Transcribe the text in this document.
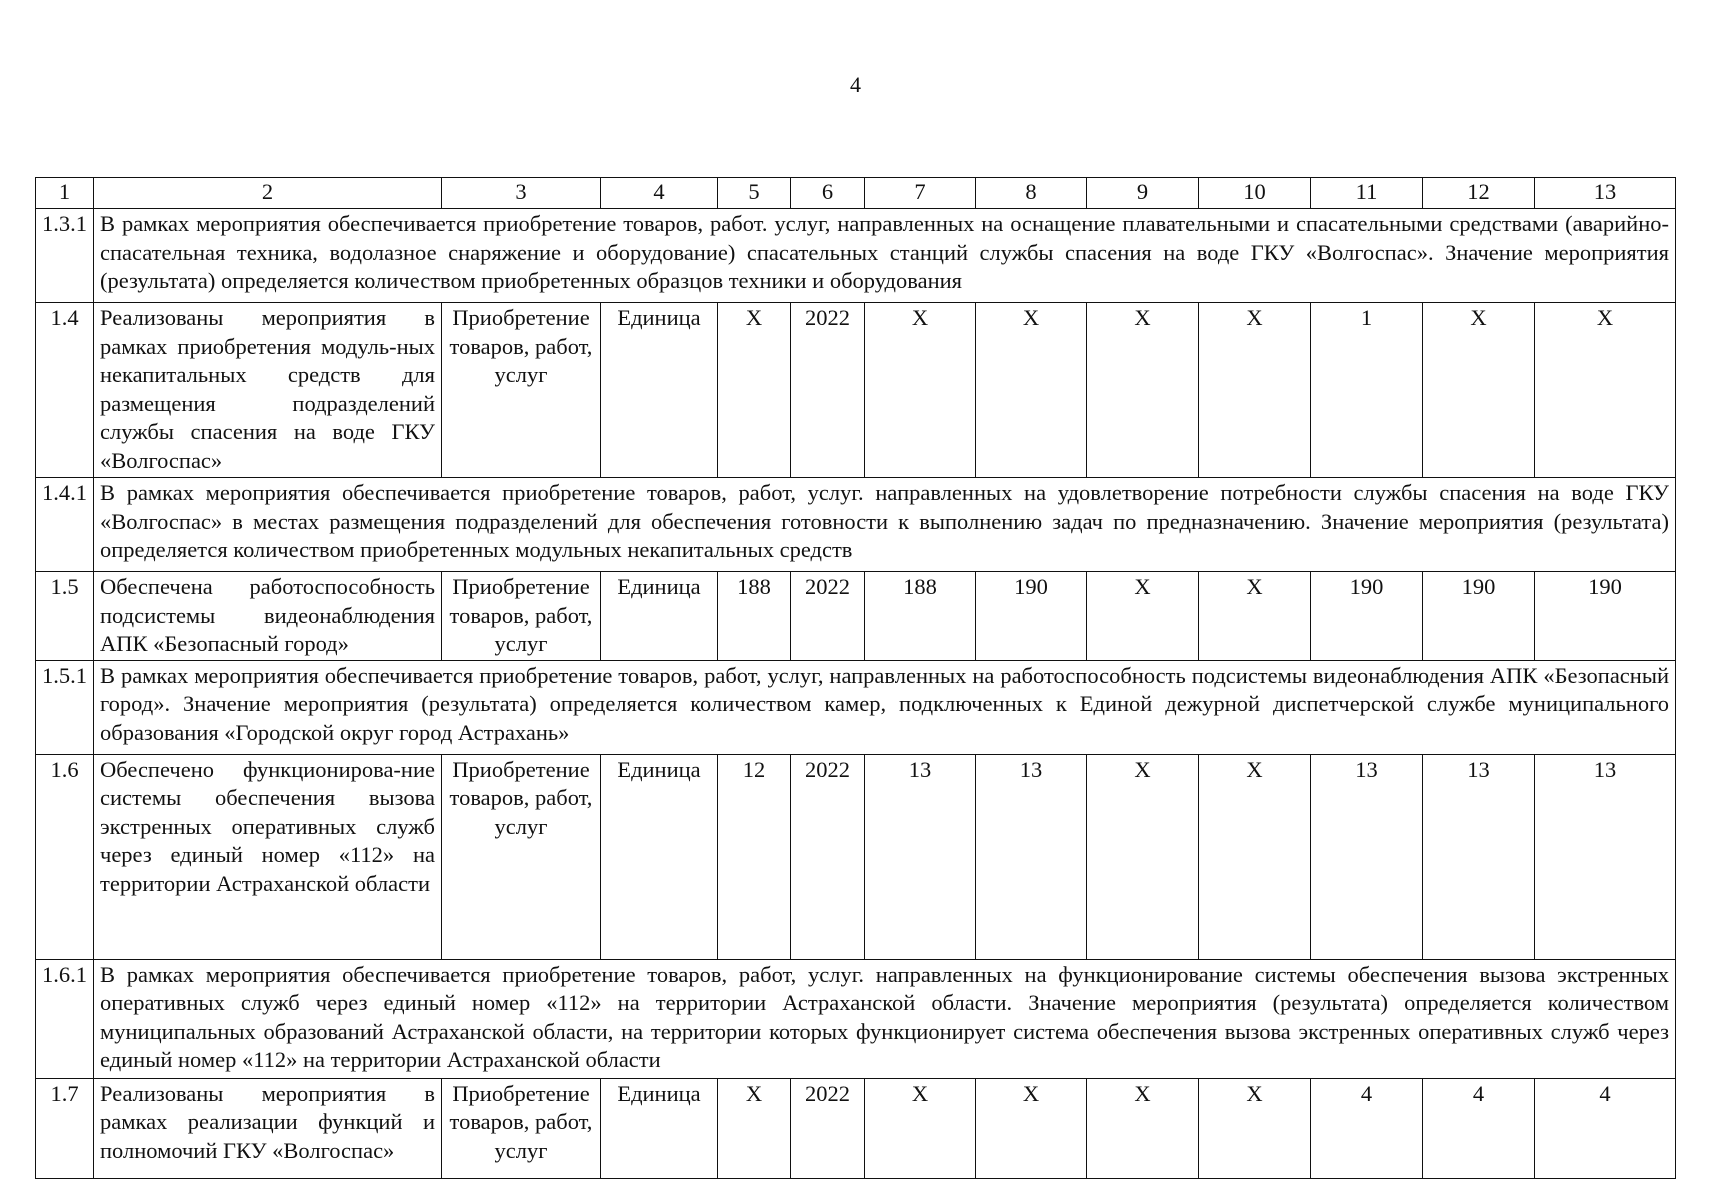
4
1	2	3	4	5	6	7	8	9	10	11	12	13
1.3.1	В рамках мероприятия обеспечивается приобретение товаров, работ. услуг, направленных на оснащение плавательными и спасательными средствами (аварийно-спасательная техника, водолазное снаряжение и оборудование) спасательных станций службы спасения на воде ГКУ «Волгоспас». Значение мероприятия (результата) определяется количеством приобретенных образцов техники и оборудования											
1.4	Реализованы мероприятия в рамках приобретения модуль-ных некапитальных средств для размещения подразделений службы спасения на воде ГКУ «Волгоспас»	Приобретение товаров, работ, услуг	Единица	X	2022	X	X	X	X	1	X	X
1.4.1	В рамках мероприятия обеспечивается приобретение товаров, работ, услуг. направленных на удовлетворение потребности службы спасения на воде ГКУ «Волгоспас» в местах размещения подразделений для обеспечения готовности к выполнению задач по предназначению. Значение мероприятия (результата) определяется количеством приобретенных модульных некапитальных средств											
1.5	Обеспечена работоспособность подсистемы видеонаблюдения АПК «Безопасный город»	Приобретение товаров, работ, услуг	Единица	188	2022	188	190	X	X	190	190	190
1.5.1	В рамках мероприятия обеспечивается приобретение товаров, работ, услуг, направленных на работоспособность подсистемы видеонаблюдения АПК «Безопасный город». Значение мероприятия (результата) определяется количеством камер, подключенных к Единой дежурной диспетчерской службе муниципального образования «Городской округ город Астрахань»											
1.6	Обеспечено функционирова-ние системы обеспечения вызова экстренных оперативных служб через единый номер «112» на территории Астраханской области	Приобретение товаров, работ, услуг	Единица	12	2022	13	13	X	X	13	13	13
1.6.1	В рамках мероприятия обеспечивается приобретение товаров, работ, услуг. направленных на функционирование системы обеспечения вызова экстренных оперативных служб через единый номер «112» на территории Астраханской области. Значение мероприятия (результата) определяется количеством муниципальных образований Астраханской области, на территории которых функционирует система обеспечения вызова экстренных оперативных служб через единый номер «112» на территории Астраханской области											
1.7	Реализованы мероприятия в рамках реализации функций и полномочий ГКУ «Волгоспас»	Приобретение товаров, работ, услуг	Единица	X	2022	X	X	X	X	4	4	4
